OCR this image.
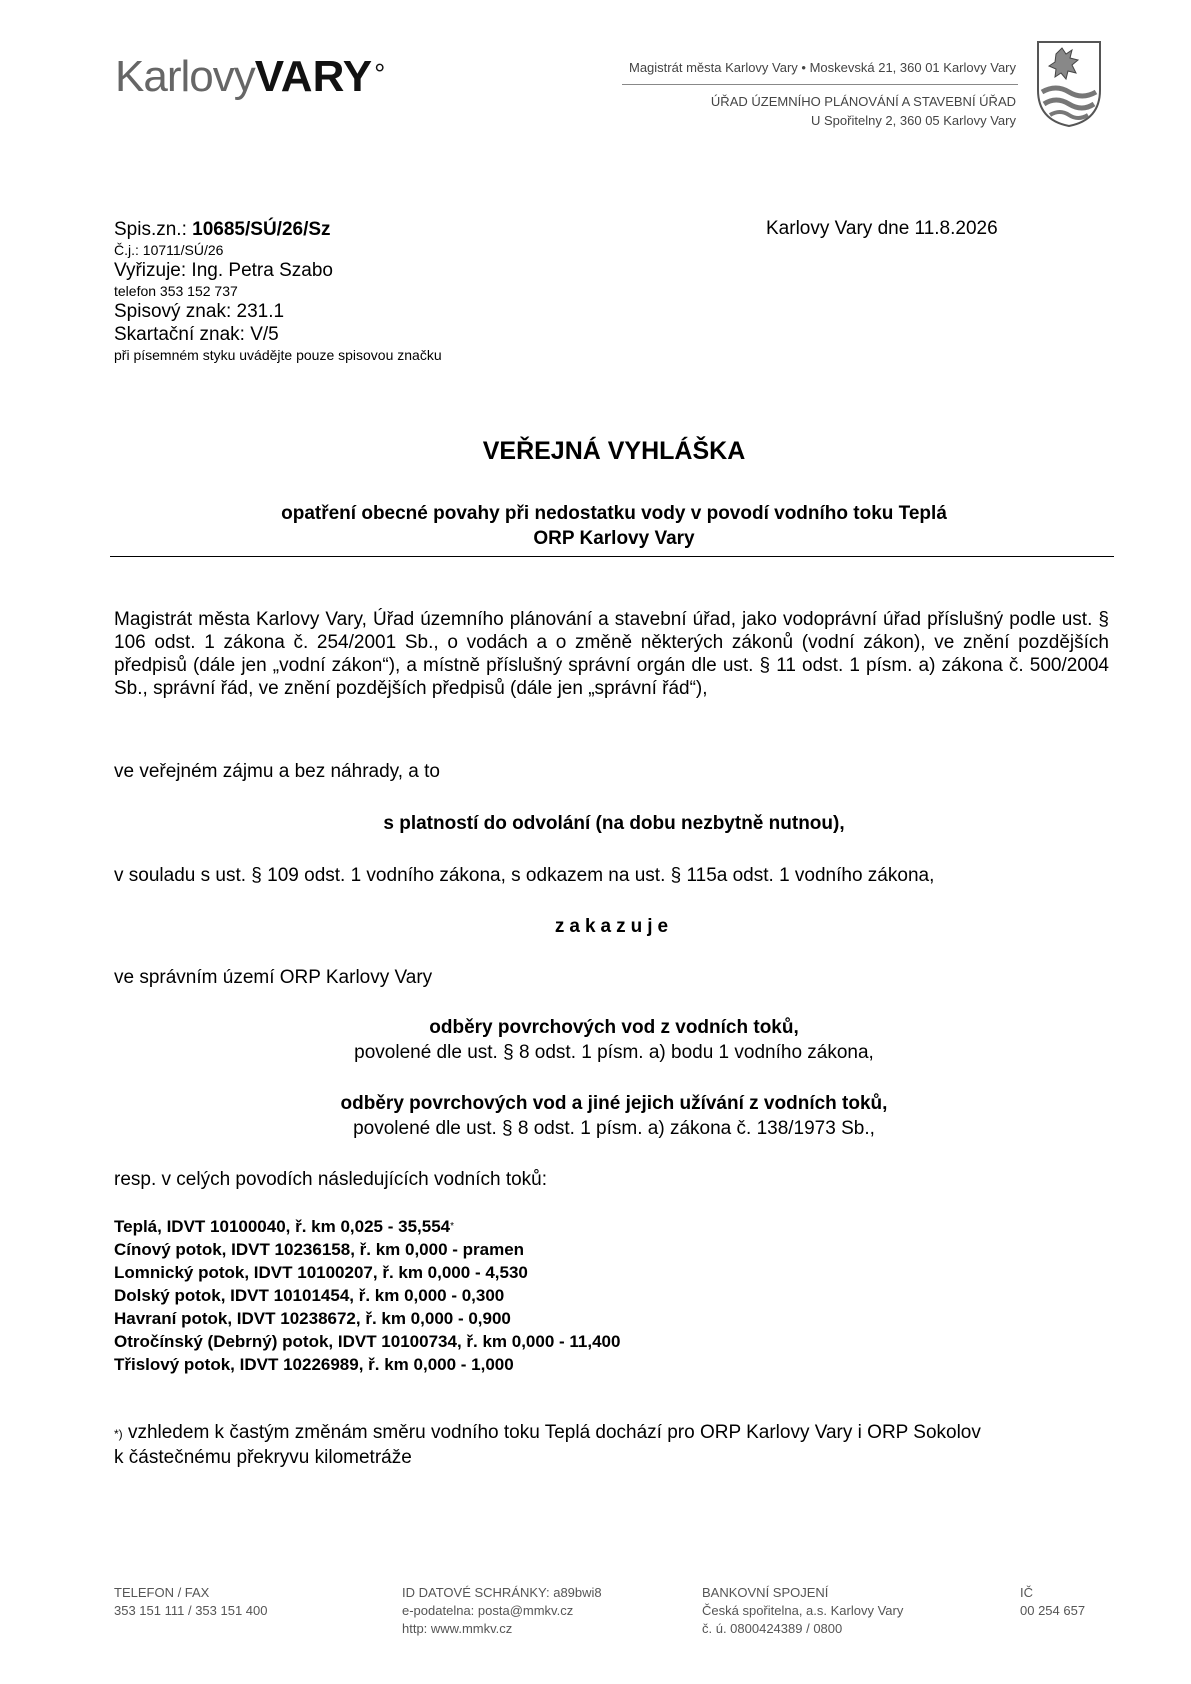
KarlovyVARY°	Magistrát města Karlovy Vary • Moskevská 21, 360 01 Karlovy Vary
ÚŘAD ÚZEMNÍHO PLÁNOVÁNÍ A STAVEBNÍ ÚŘAD
U Spořitelny 2, 360 05 Karlovy Vary
Spis.zn.: 10685/SÚ/26/Sz
Č.j.: 10711/SÚ/26
Vyřizuje: Ing. Petra Szabo
telefon 353 152 737
Spisový znak: 231.1
Skartační znak: V/5
při písemném styku uvádějte pouze spisovou značku
Karlovy Vary dne 11.8.2026
VEŘEJNÁ VYHLÁŠKA
opatření obecné povahy při nedostatku vody v povodí vodního toku Teplá
ORP Karlovy Vary
Magistrát města Karlovy Vary, Úřad územního plánování a stavební úřad, jako vodoprávní úřad příslušný podle ust. § 106 odst. 1 zákona č. 254/2001 Sb., o vodách a o změně některých zákonů (vodní zákon), ve znění pozdějších předpisů (dále jen „vodní zákon“), a místně příslušný správní orgán dle ust. § 11 odst. 1 písm. a) zákona č. 500/2004 Sb., správní řád, ve znění pozdějších předpisů (dále jen „správní řád“),
ve veřejném zájmu a bez náhrady, a to
s platností do odvolání (na dobu nezbytně nutnou),
v souladu s ust. § 109 odst. 1 vodního zákona, s odkazem na ust. § 115a odst. 1 vodního zákona,
zakazuje
ve správním území ORP Karlovy Vary
odběry povrchových vod z vodních toků,
povolené dle ust. § 8 odst. 1 písm. a) bodu 1 vodního zákona,
odběry povrchových vod a jiné jejich užívání z vodních toků,
povolené dle ust. § 8 odst. 1 písm. a) zákona č. 138/1973 Sb.,
resp. v celých povodích následujících vodních toků:
Teplá, IDVT 10100040, ř. km 0,025 - 35,554*
Cínový potok, IDVT 10236158, ř. km 0,000 - pramen
Lomnický potok, IDVT 10100207, ř. km 0,000 - 4,530
Dolský potok, IDVT 10101454, ř. km 0,000 - 0,300
Havraní potok, IDVT 10238672, ř. km 0,000 - 0,900
Otročínský (Debrný) potok, IDVT 10100734, ř. km 0,000 - 11,400
Třislový potok, IDVT 10226989, ř. km 0,000 - 1,000
*) vzhledem k častým změnám směru vodního toku Teplá dochází pro ORP Karlovy Vary i ORP Sokolov
k částečnému překryvu kilometráže
TELEFON / FAX
353 151 111 / 353 151 400
ID DATOVÉ SCHRÁNKY: a89bwi8
e-podatelna: posta@mmkv.cz
http: www.mmkv.cz
BANKOVNÍ SPOJENÍ
Česká spořitelna, a.s. Karlovy Vary
č. ú. 0800424389 / 0800
IČ
00 254 657
